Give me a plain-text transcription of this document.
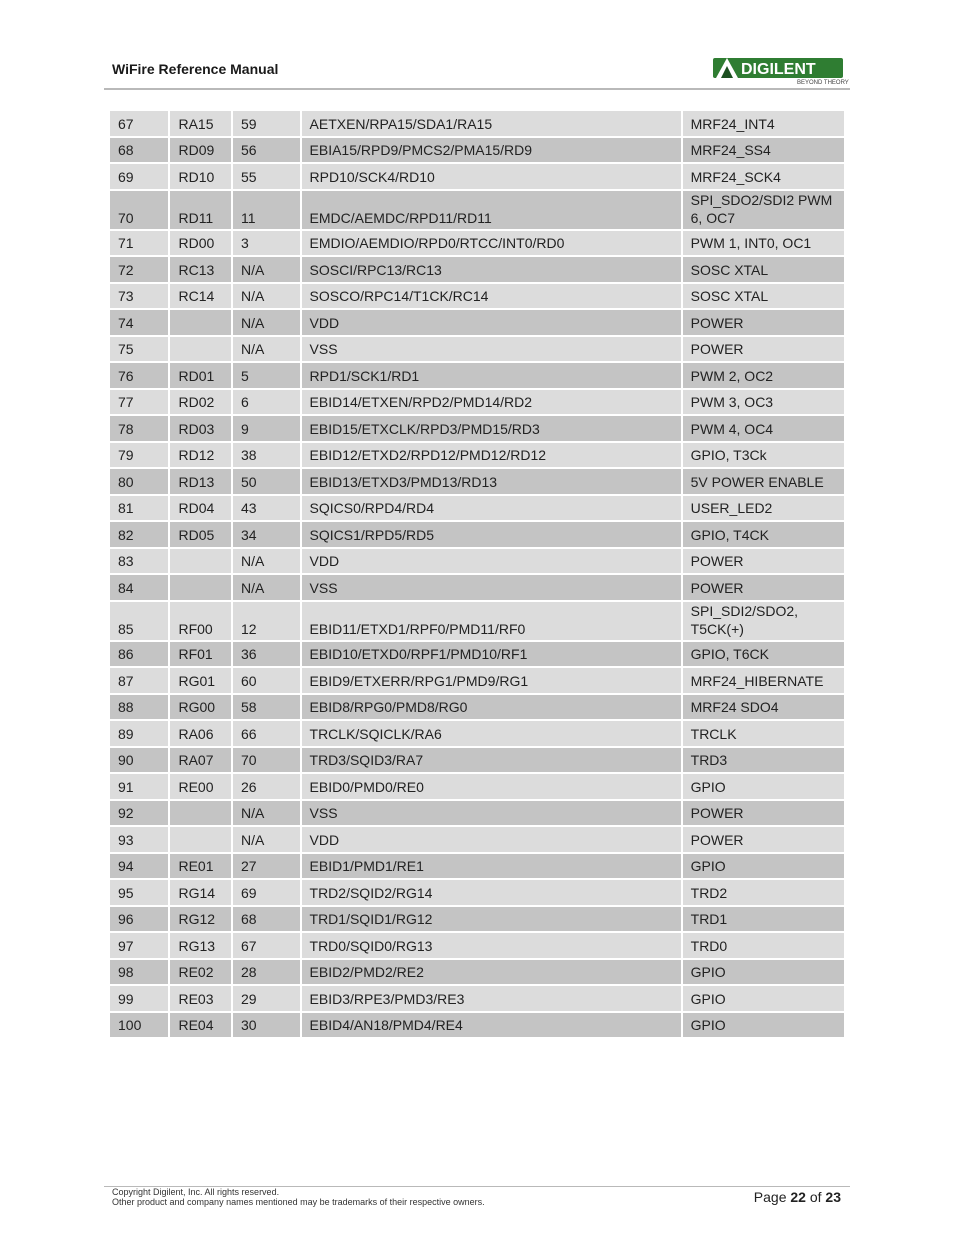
WiFire Reference Manual	DIGILENT
BEYOND THEORY
67	RA15	59	AETXEN/RPA15/SDA1/RA15	MRF24_INT4
68	RD09	56	EBIA15/RPD9/PMCS2/PMA15/RD9	MRF24_SS4
69	RD10	55	RPD10/SCK4/RD10	MRF24_SCK4
70	RD11	11	EMDC/AEMDC/RPD11/RD11	SPI_SDO2/SDI2 PWM 6, OC7
71	RD00	3	EMDIO/AEMDIO/RPD0/RTCC/INT0/RD0	PWM 1, INT0, OC1
72	RC13	N/A	SOSCI/RPC13/RC13	SOSC XTAL
73	RC14	N/A	SOSCO/RPC14/T1CK/RC14	SOSC XTAL
74		N/A	VDD	POWER
75		N/A	VSS	POWER
76	RD01	5	RPD1/SCK1/RD1	PWM 2, OC2
77	RD02	6	EBID14/ETXEN/RPD2/PMD14/RD2	PWM 3, OC3
78	RD03	9	EBID15/ETXCLK/RPD3/PMD15/RD3	PWM 4, OC4
79	RD12	38	EBID12/ETXD2/RPD12/PMD12/RD12	GPIO, T3Ck
80	RD13	50	EBID13/ETXD3/PMD13/RD13	5V POWER ENABLE
81	RD04	43	SQICS0/RPD4/RD4	USER_LED2
82	RD05	34	SQICS1/RPD5/RD5	GPIO, T4CK
83		N/A	VDD	POWER
84		N/A	VSS	POWER
85	RF00	12	EBID11/ETXD1/RPF0/PMD11/RF0	SPI_SDI2/SDO2, T5CK(+)
86	RF01	36	EBID10/ETXD0/RPF1/PMD10/RF1	GPIO, T6CK
87	RG01	60	EBID9/ETXERR/RPG1/PMD9/RG1	MRF24_HIBERNATE
88	RG00	58	EBID8/RPG0/PMD8/RG0	MRF24 SDO4
89	RA06	66	TRCLK/SQICLK/RA6	TRCLK
90	RA07	70	TRD3/SQID3/RA7	TRD3
91	RE00	26	EBID0/PMD0/RE0	GPIO
92		N/A	VSS	POWER
93		N/A	VDD	POWER
94	RE01	27	EBID1/PMD1/RE1	GPIO
95	RG14	69	TRD2/SQID2/RG14	TRD2
96	RG12	68	TRD1/SQID1/RG12	TRD1
97	RG13	67	TRD0/SQID0/RG13	TRD0
98	RE02	28	EBID2/PMD2/RE2	GPIO
99	RE03	29	EBID3/RPE3/PMD3/RE3	GPIO
100	RE04	30	EBID4/AN18/PMD4/RE4	GPIO
Copyright Digilent, Inc. All rights reserved.
Other product and company names mentioned may be trademarks of their respective owners.	Page 22 of 23
